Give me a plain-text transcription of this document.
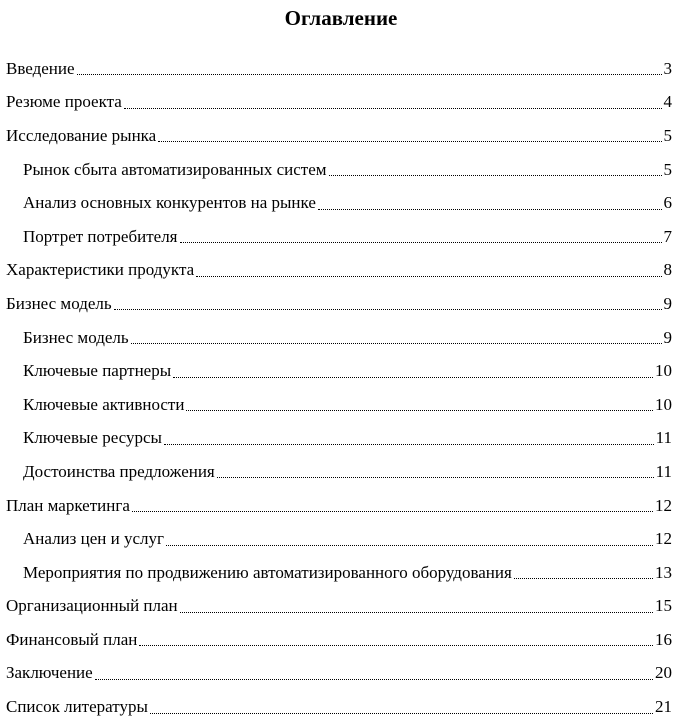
Оглавление
Введение	3
Резюме проекта	4
Исследование рынка	5
Рынок сбыта автоматизированных систем	5
Анализ основных конкурентов на рынке	6
Портрет потребителя	7
Характеристики продукта	8
Бизнес модель	9
Бизнес модель	9
Ключевые партнеры	10
Ключевые активности	10
Ключевые ресурсы	11
Достоинства предложения	11
План маркетинга	12
Анализ цен и услуг	12
Мероприятия по продвижению автоматизированного оборудования	13
Организационный план	15
Финансовый план	16
Заключение	20
Список литературы	21
